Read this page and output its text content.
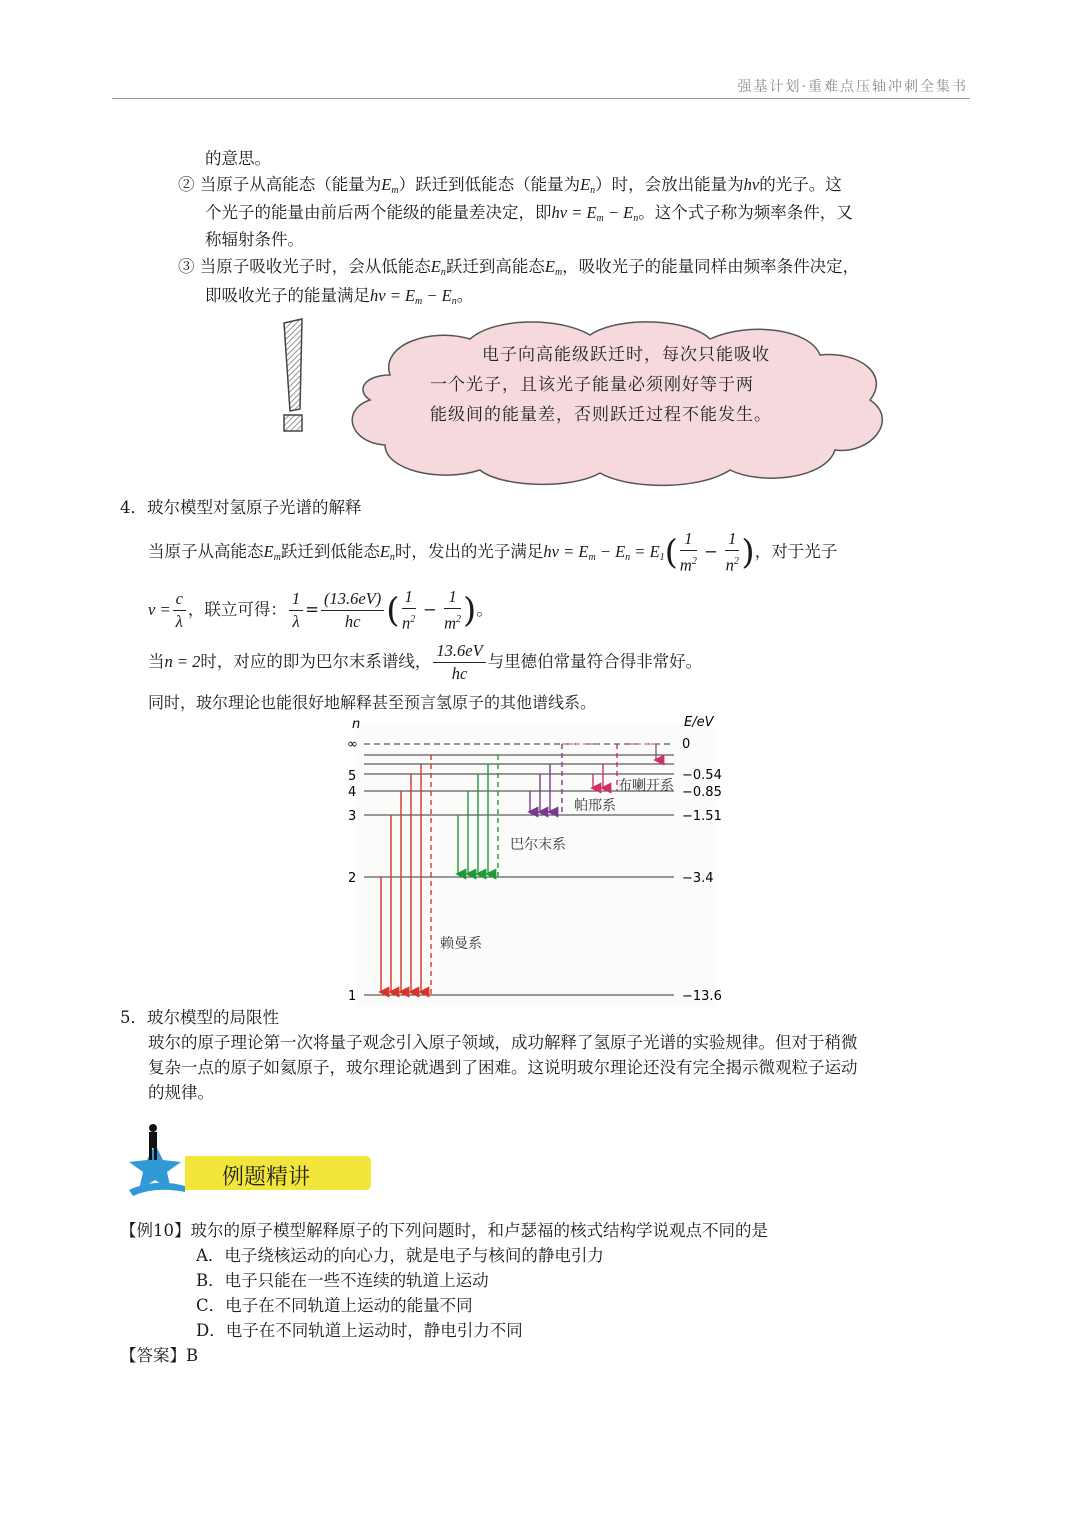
强基计划·重难点压轴冲刺全集书
的意思。
② 当原子从高能态（能量为$E_m$）跃迁到低能态（能量为$E_n$）时，会放出能量为hν的光子。这
个光子的能量由前后两个能级的能量差决定，即$h\nu = E_m - E_n$。这个式子称为频率条件，又
称辐射条件。
③ 当原子吸收光子时，会从低能态$E_n$跃迁到高能态$E_m$，吸收光子的能量同样由频率条件决定，
即吸收光子的能量满足$h\nu = E_m - E_n$。
电子向高能级跃迁时，每次只能吸收
一个光子，且该光子能量必须刚好等于两
能级间的能量差，否则跃迁过程不能发生。
4．玻尔模型对氢原子光谱的解释
当原子从高能态$E_m$跃迁到低能态$E_n$时，发出的光子满足$h\nu = E_m - E_n = E_1( \frac{1}{m^2} - \frac{1}{n^2}$ )，对于光子
$\nu = \frac{c}{\lambda}$ ，联立可得： $\frac{1}{\lambda} = \frac{(13.6eV)}{hc}$ ( $\frac{1}{n^2} - \frac{1}{m^2}$ )。
当n = 2时，对应的即为巴尔末系谱线， $\frac{13.6eV}{hc}$ 与里德伯常量符合得非常好。
同时，玻尔理论也能很好地解释甚至预言氢原子的其他谱线系。
n	E/eV
∞
5
4
3
2
1
0
−0.54
−0.85
−1.51
−3.4
−13.6
赖曼系
巴尔末系
帕邢系
布喇开系
5．玻尔模型的局限性
玻尔的原子理论第一次将量子观念引入原子领域，成功解释了氢原子光谱的实验规律。但对于稍微
复杂一点的原子如氦原子，玻尔理论就遇到了困难。这说明玻尔理论还没有完全揭示微观粒子运动
的规律。
例题精讲
【例10】玻尔的原子模型解释原子的下列问题时，和卢瑟福的核式结构学说观点不同的是
A．电子绕核运动的向心力，就是电子与核间的静电引力
B．电子只能在一些不连续的轨道上运动
C．电子在不同轨道上运动的能量不同
D．电子在不同轨道上运动时，静电引力不同
【答案】B
